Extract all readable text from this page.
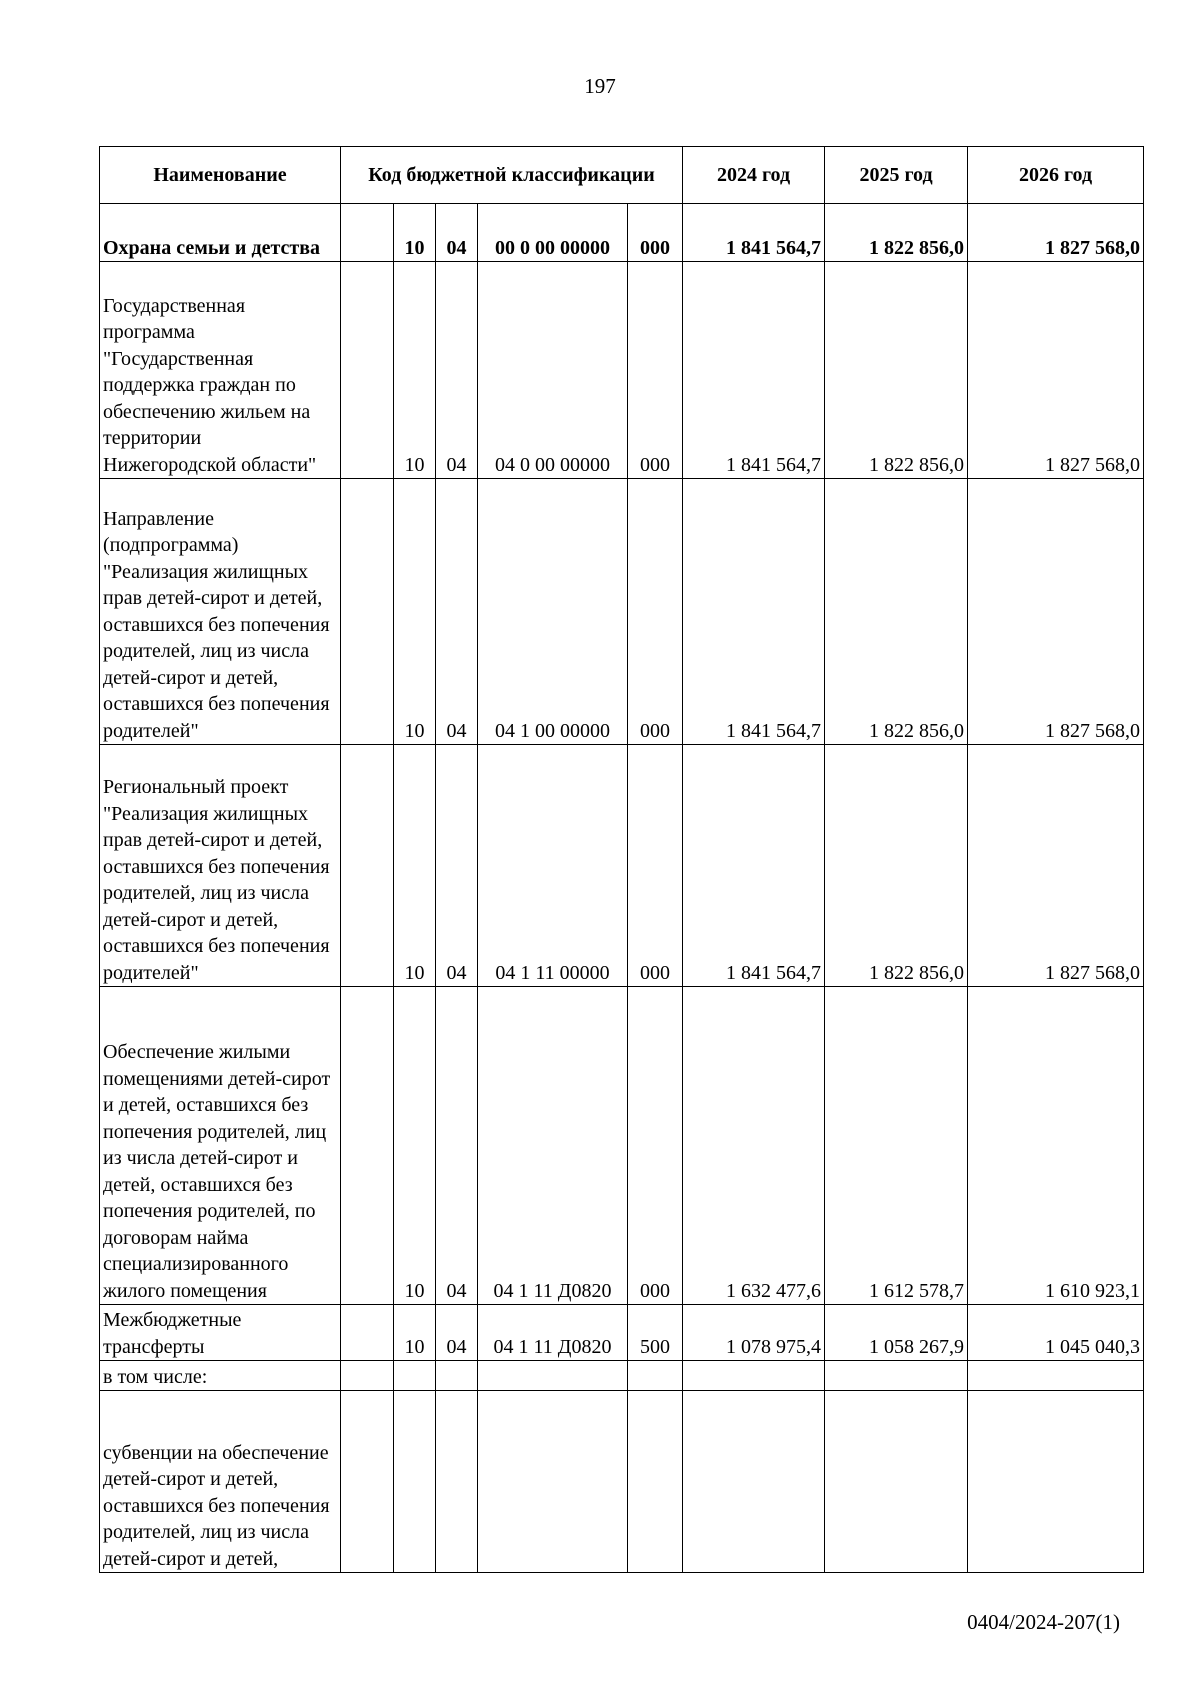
197
Наименование	Код бюджетной классификации					2024 год	2025 год	2026 год
Охрана семьи и детства		10	04	00 0 00 00000	000	1 841 564,7	1 822 856,0	1 827 568,0
Государственная программа "Государственная поддержка граждан по обеспечению жильем на территории Нижегородской области"		10	04	04 0 00 00000	000	1 841 564,7	1 822 856,0	1 827 568,0
Направление (подпрограмма) "Реализация жилищных прав детей-сирот и детей, оставшихся без попечения родителей, лиц из числа детей-сирот и детей, оставшихся без попечения родителей"		10	04	04 1 00 00000	000	1 841 564,7	1 822 856,0	1 827 568,0
Региональный проект "Реализация жилищных прав детей-сирот и детей, оставшихся без попечения родителей, лиц из числа детей-сирот и детей, оставшихся без попечения родителей"		10	04	04 1 11 00000	000	1 841 564,7	1 822 856,0	1 827 568,0
Обеспечение жилыми помещениями детей-сирот и детей, оставшихся без попечения родителей, лиц из числа детей-сирот и детей, оставшихся без попечения родителей, по договорам найма специализированного жилого помещения		10	04	04 1 11 Д0820	000	1 632 477,6	1 612 578,7	1 610 923,1
Межбюджетные трансферты		10	04	04 1 11 Д0820	500	1 078 975,4	1 058 267,9	1 045 040,3
в том числе:								
субвенции на обеспечение детей-сирот и детей, оставшихся без попечения родителей, лиц из числа детей-сирот и детей,								
0404/2024-207(1)
